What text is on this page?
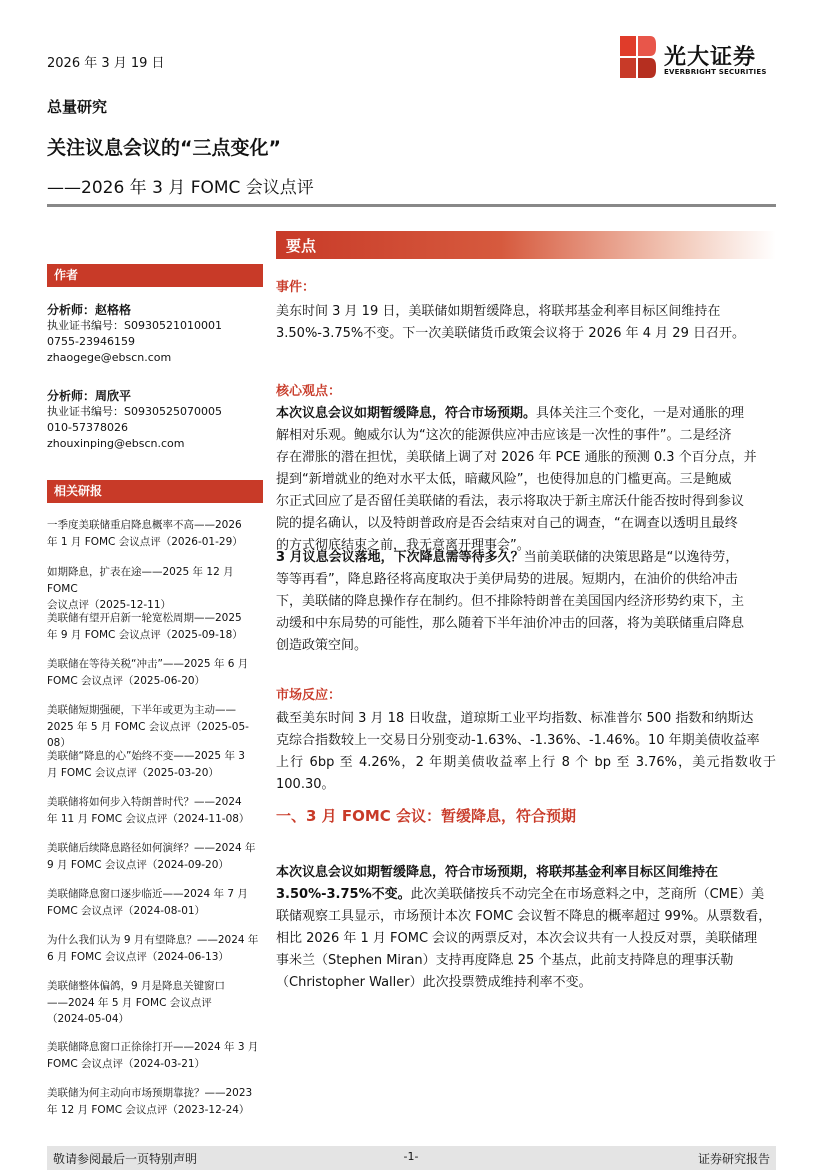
2026 年 3 月 19 日	光大证券
EVERBRIGHT SECURITIES
总量研究
关注议息会议的“三点变化”
——2026 年 3 月 FOMC 会议点评
作者
分析师：赵格格
执业证书编号：S0930521010001
0755-23946159
zhaogege@ebscn.com
分析师：周欣平
执业证书编号：S0930525070005
010-57378026
zhouxinping@ebscn.com
相关研报
一季度美联储重启降息概率不高——2026
年 1 月 FOMC 会议点评（2026-01-29）
如期降息，扩表在途——2025 年 12 月 FOMC
会议点评（2025-12-11）
美联储有望开启新一轮宽松周期——2025
年 9 月 FOMC 会议点评（2025-09-18）
美联储在等待关税“冲击”——2025 年 6 月
FOMC 会议点评（2025-06-20）
美联储短期强硬，下半年或更为主动——
2025 年 5 月 FOMC 会议点评（2025-05-08）
美联储“降息的心”始终不变——2025 年 3
月 FOMC 会议点评（2025-03-20）
美联储将如何步入特朗普时代？——2024
年 11 月 FOMC 会议点评（2024-11-08）
美联储后续降息路径如何演绎？——2024 年
9 月 FOMC 会议点评（2024-09-20）
美联储降息窗口逐步临近——2024 年 7 月
FOMC 会议点评（2024-08-01）
为什么我们认为 9 月有望降息？——2024 年
6 月 FOMC 会议点评（2024-06-13）
美联储整体偏鸽，9 月是降息关键窗口
——2024 年 5 月 FOMC 会议点评
（2024-05-04）
美联储降息窗口正徐徐打开——2024 年 3 月
FOMC 会议点评（2024-03-21）
美联储为何主动向市场预期靠拢？——2023
年 12 月 FOMC 会议点评（2023-12-24）
要点
事件：
美东时间 3 月 19 日，美联储如期暂缓降息，将联邦基金利率目标区间维持在
3.50%-3.75%不变。下一次美联储货币政策会议将于 2026 年 4 月 29 日召开。
核心观点：
本次议息会议如期暂缓降息，符合市场预期。具体关注三个变化，一是对通胀的理
解相对乐观。鲍威尔认为“这次的能源供应冲击应该是一次性的事件”。二是经济
存在滞胀的潜在担忧，美联储上调了对 2026 年 PCE 通胀的预测 0.3 个百分点，并
提到“新增就业的绝对水平太低，暗藏风险”，也使得加息的门槛更高。三是鲍威
尔正式回应了是否留任美联储的看法，表示将取决于新主席沃什能否按时得到参议
院的提名确认，以及特朗普政府是否会结束对自己的调查，“在调查以透明且最终
的方式彻底结束之前，我无意离开理事会”。
3 月议息会议落地，下次降息需等待多久？当前美联储的决策思路是“以逸待劳，
等等再看”，降息路径将高度取决于美伊局势的进展。短期内，在油价的供给冲击
下，美联储的降息操作存在制约。但不排除特朗普在美国国内经济形势约束下，主
动缓和中东局势的可能性，那么随着下半年油价冲击的回落，将为美联储重启降息
创造政策空间。
市场反应：
截至美东时间 3 月 18 日收盘，道琼斯工业平均指数、标准普尔 500 指数和纳斯达
克综合指数较上一交易日分别变动-1.63%、-1.36%、-1.46%。10 年期美债收益率
上行 6bp 至 4.26%，2 年期美债收益率上行 8 个 bp 至 3.76%，美元指数收于 100.30。
一、3 月 FOMC 会议：暂缓降息，符合预期
本次议息会议如期暂缓降息，符合市场预期，将联邦基金利率目标区间维持在
3.50%-3.75%不变。此次美联储按兵不动完全在市场意料之中，芝商所（CME）美
联储观察工具显示，市场预计本次 FOMC 会议暂不降息的概率超过 99%。从票数看，
相比 2026 年 1 月 FOMC 会议的两票反对，本次会议共有一人投反对票，美联储理
事米兰（Stephen Miran）支持再度降息 25 个基点，此前支持降息的理事沃勒
（Christopher Waller）此次投票赞成维持利率不变。
敬请参阅最后一页特别声明	-1-	证券研究报告
